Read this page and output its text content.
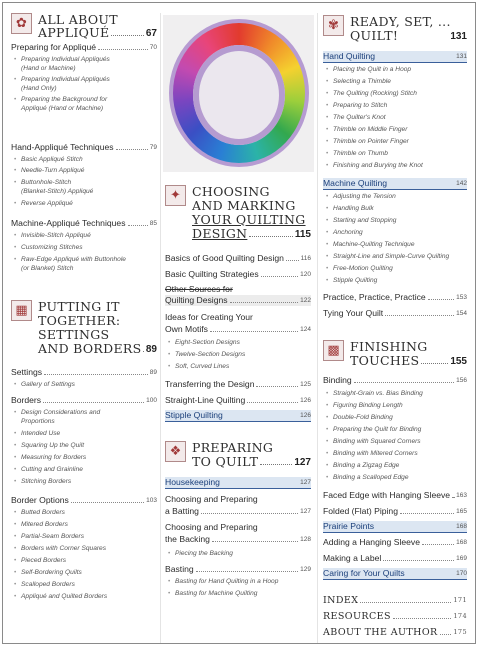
✿ ALL ABOUT
APPLIQUÉ	67
Preparing for Appliqué	70
• Preparing Individual Appliqués
(Hand or Machine)
• Preparing Individual Appliqués
(Hand Only)
• Preparing the Background for
Appliqué (Hand or Machine)
Hand-Appliqué Techniques	79
• Basic Appliqué Stitch
• Needle-Turn Appliqué
• Buttonhole-Stitch
(Blanket-Stitch) Appliqué
• Reverse Appliqué
Machine-Appliqué Techniques	85
• Invisible-Stitch Appliqué
• Customizing Stitches
• Raw-Edge Appliqué with Buttonhole
(or Blanket) Stitch
▦ PUTTING IT
TOGETHER:
SETTINGS
AND BORDERS 89
Settings	89
• Gallery of Settings
Borders	100
• Design Considerations and
Proportions
• Intended Use
• Squaring Up the Quilt
• Measuring for Borders
• Cutting and Grainline
• Stitching Borders
Border Options	103
• Butted Borders
• Mitered Borders
• Partial-Seam Borders
• Borders with Corner Squares
• Pieced Borders
• Self-Bordering Quilts
• Scalloped Borders
• Appliqué and Quilted Borders
✦ CHOOSING
AND MARKING
YOUR QUILTING
DESIGN	115
Basics of Good Quilting Design	116
Basic Quilting Strategies	120
Other Sources for
Quilting Designs	122
Ideas for Creating Your
Own Motifs	124
• Eight-Section Designs
• Twelve-Section Designs
• Soft, Curved Lines
Transferring the Design	125
Straight-Line Quilting	126
Stipple Quilting	126
❖ PREPARING
TO QUILT	127
Housekeeping	127
Choosing and Preparing
a Batting	127
Choosing and Preparing
the Backing	128
• Piecing the Backing
Basting	129
• Basting for Hand Quilting in a Hoop
• Basting for Machine Quilting
✾ READY, SET, ...
QUILT!	131
Hand Quilting	131
• Placing the Quilt in a Hoop
• Selecting a Thimble
• The Quilting (Rocking) Stitch
• Preparing to Stitch
• The Quilter's Knot
• Thimble on Middle Finger
• Thimble on Pointer Finger
• Thimble on Thumb
• Finishing and Burying the Knot
Machine Quilting	142
• Adjusting the Tension
• Handling Bulk
• Starting and Stopping
• Anchoring
• Machine-Quilting Technique
• Straight-Line and Simple-Curve Quilting
• Free-Motion Quilting
• Stipple Quilting
Practice, Practice, Practice	153
Tying Your Quilt	154
▩ FINISHING
TOUCHES	155
Binding	156
• Straight-Grain vs. Bias Binding
• Figuring Binding Length
• Double-Fold Binding
• Preparing the Quilt for Binding
• Binding with Squared Corners
• Binding with Mitered Corners
• Binding a Zigzag Edge
• Binding a Scalloped Edge
Faced Edge with Hanging Sleeve 163
Folded (Flat) Piping	165
Prairie Points	168
Adding a Hanging Sleeve	168
Making a Label	169
Caring for Your Quilts	170
INDEX	171
RESOURCES	174
ABOUT THE AUTHOR 175
